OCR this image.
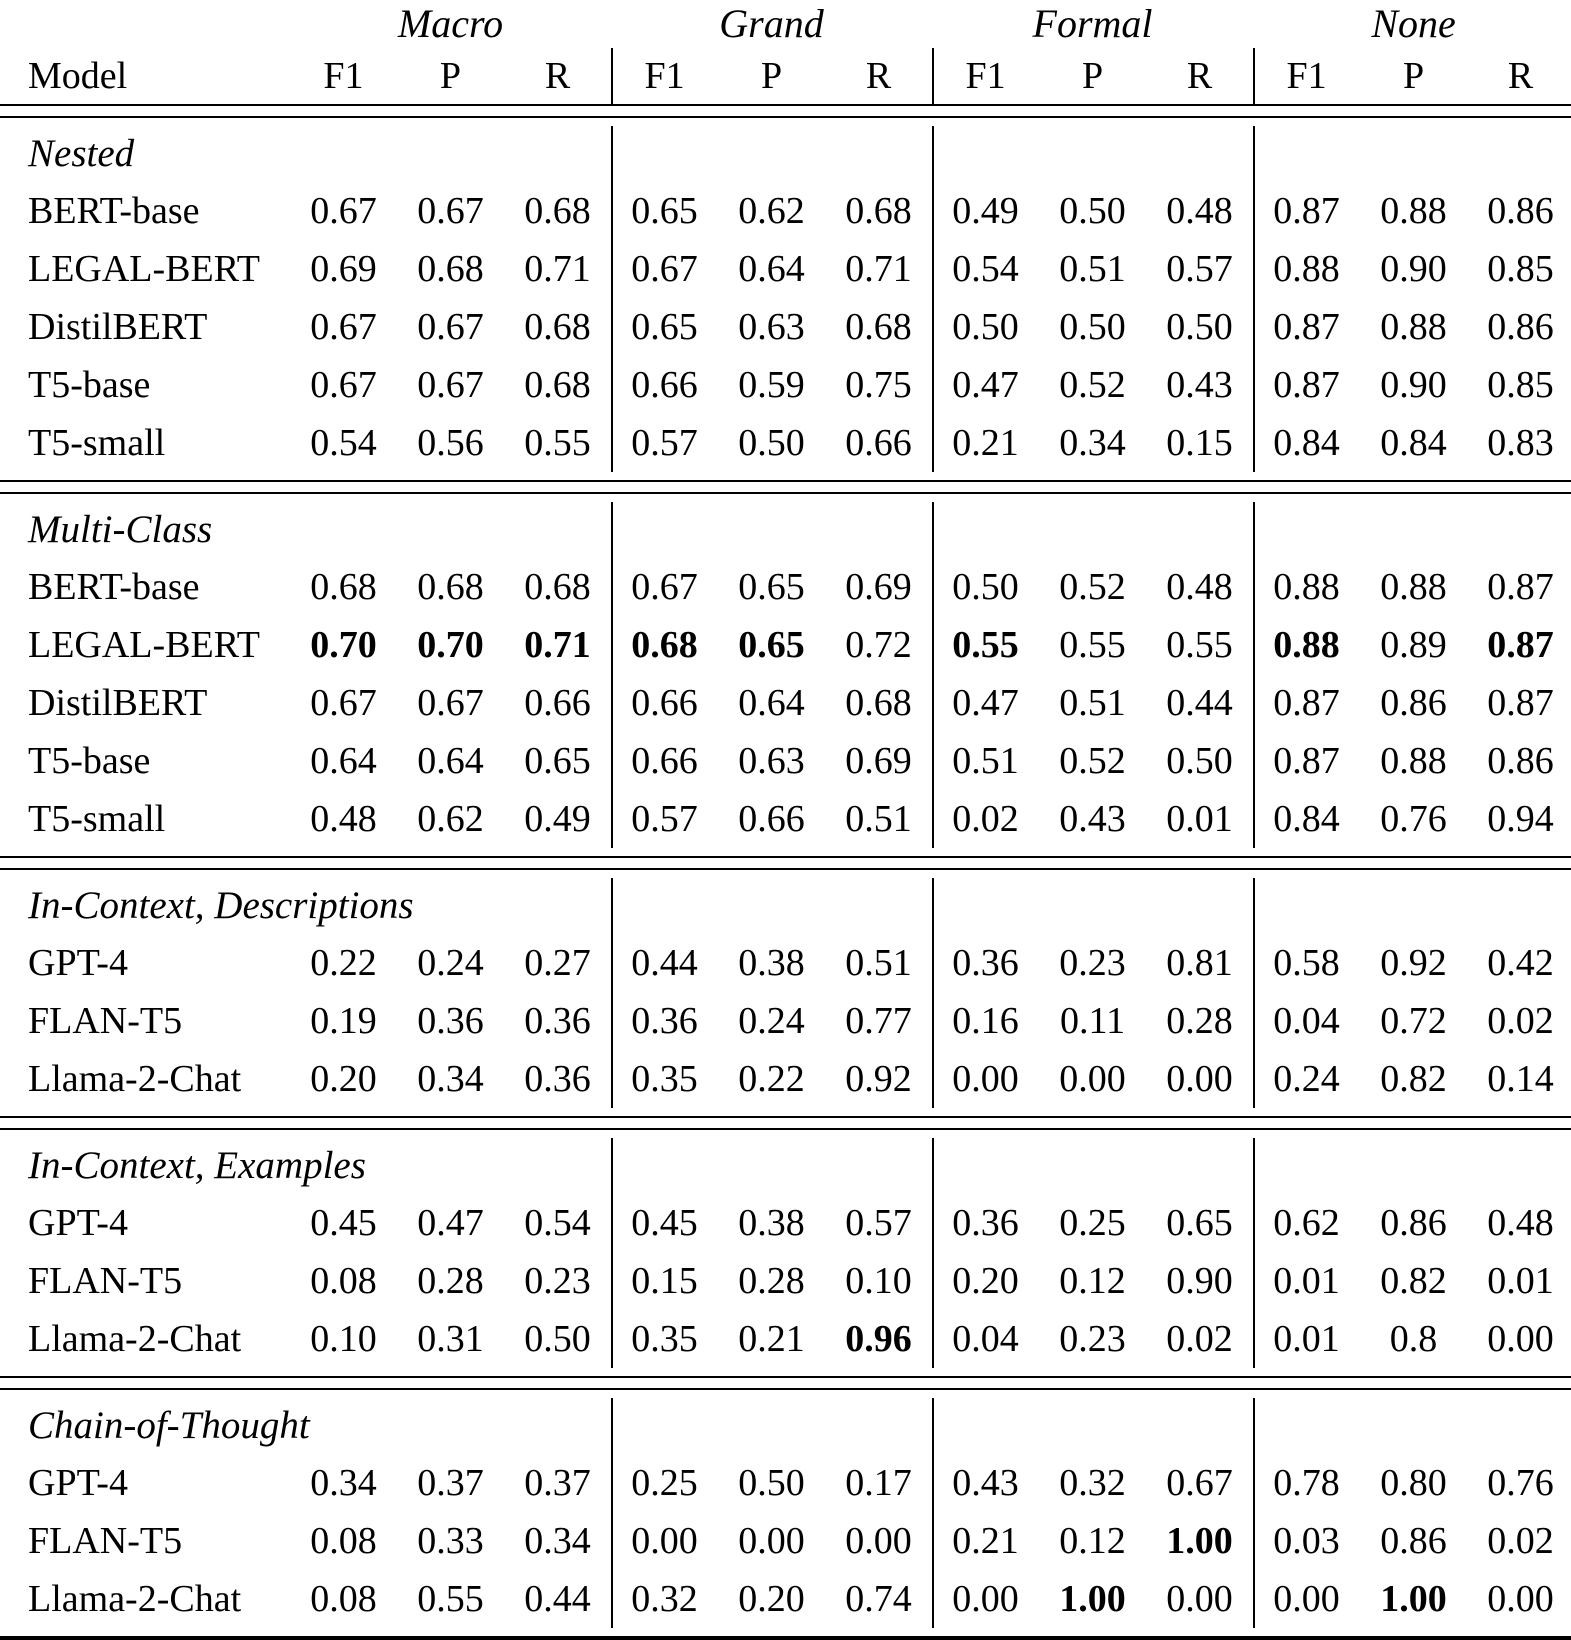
	Macro			Grand			Formal			None		
Model	F1	P	R	F1	P	R	F1	P	R	F1	P	R

Nested												
BERT-base	0.67	0.67	0.68	0.65	0.62	0.68	0.49	0.50	0.48	0.87	0.88	0.86
LEGAL-BERT	0.69	0.68	0.71	0.67	0.64	0.71	0.54	0.51	0.57	0.88	0.90	0.85
DistilBERT	0.67	0.67	0.68	0.65	0.63	0.68	0.50	0.50	0.50	0.87	0.88	0.86
T5-base	0.67	0.67	0.68	0.66	0.59	0.75	0.47	0.52	0.43	0.87	0.90	0.85
T5-small	0.54	0.56	0.55	0.57	0.50	0.66	0.21	0.34	0.15	0.84	0.84	0.83

Multi-Class												
BERT-base	0.68	0.68	0.68	0.67	0.65	0.69	0.50	0.52	0.48	0.88	0.88	0.87
LEGAL-BERT	0.70	0.70	0.71	0.68	0.65	0.72	0.55	0.55	0.55	0.88	0.89	0.87
DistilBERT	0.67	0.67	0.66	0.66	0.64	0.68	0.47	0.51	0.44	0.87	0.86	0.87
T5-base	0.64	0.64	0.65	0.66	0.63	0.69	0.51	0.52	0.50	0.87	0.88	0.86
T5-small	0.48	0.62	0.49	0.57	0.66	0.51	0.02	0.43	0.01	0.84	0.76	0.94

In-Context, Descriptions												
GPT-4	0.22	0.24	0.27	0.44	0.38	0.51	0.36	0.23	0.81	0.58	0.92	0.42
FLAN-T5	0.19	0.36	0.36	0.36	0.24	0.77	0.16	0.11	0.28	0.04	0.72	0.02
Llama-2-Chat	0.20	0.34	0.36	0.35	0.22	0.92	0.00	0.00	0.00	0.24	0.82	0.14

In-Context, Examples												
GPT-4	0.45	0.47	0.54	0.45	0.38	0.57	0.36	0.25	0.65	0.62	0.86	0.48
FLAN-T5	0.08	0.28	0.23	0.15	0.28	0.10	0.20	0.12	0.90	0.01	0.82	0.01
Llama-2-Chat	0.10	0.31	0.50	0.35	0.21	0.96	0.04	0.23	0.02	0.01	0.8	0.00

Chain-of-Thought												
GPT-4	0.34	0.37	0.37	0.25	0.50	0.17	0.43	0.32	0.67	0.78	0.80	0.76
FLAN-T5	0.08	0.33	0.34	0.00	0.00	0.00	0.21	0.12	1.00	0.03	0.86	0.02
Llama-2-Chat	0.08	0.55	0.44	0.32	0.20	0.74	0.00	1.00	0.00	0.00	1.00	0.00
